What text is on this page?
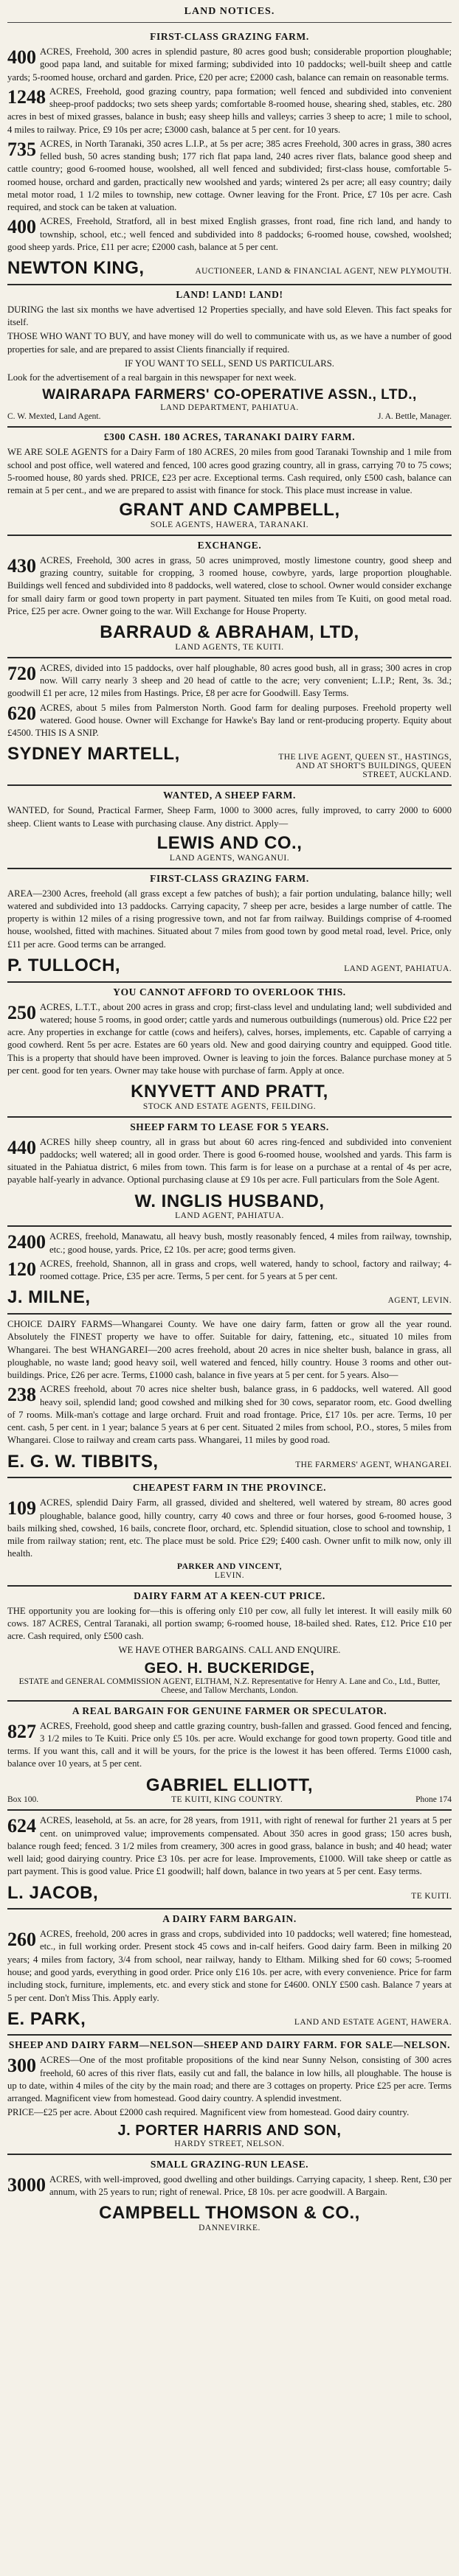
LAND NOTICES.
FIRST-CLASS GRAZING FARM.

400 ACRES, Freehold, 300 acres in splendid pasture, 80 acres good bush; considerable proportion ploughable; good papa land, and suitable for mixed farming; subdivided into 10 paddocks; well-built sheep and cattle yards; 5-roomed house, orchard and garden. Price, £20 per acre; £2000 cash, balance can remain on reasonable terms.

1248 ACRES, Freehold, good grazing country, papa formation; well fenced and subdivided into convenient sheep-proof paddocks; two sets sheep yards; comfortable 8-roomed house, shearing shed, stables, etc. 280 acres in best of mixed grasses, balance in bush; easy sheep hills and valleys; carries 3 sheep to acre; 1 mile to school, 4 miles to railway. Price, £9 10s per acre; £3000 cash, balance at 5 per cent. for 10 years.

735 ACRES, in North Taranaki, 350 acres L.I.P., at 5s per acre; 385 acres Freehold, 300 acres in grass, 380 acres felled bush, 50 acres standing bush; 177 rich flat papa land, 240 acres river flats, balance good sheep and cattle country; good 6-roomed house, woolshed, all well fenced and subdivided; first-class house, comfortable 5-roomed house, orchard and garden, practically new woolshed and yards; wintered 2s per acre; all easy country; daily metal motor road, 1 1/2 miles to township, new cottage. Owner leaving for the Front. Price, £7 10s per acre. Cash required, and stock can be taken at valuation.

400 ACRES, Freehold, Stratford, all in best mixed English grasses, front road, fine rich land, and handy to township, school, etc.; well fenced and subdivided into 8 paddocks; 6-roomed house, cowshed, woolshed; good sheep yards. Price, £11 per acre; £2000 cash, balance at 5 per cent.

NEWTON KING,	AUCTIONEER, LAND & FINANCIAL AGENT, NEW PLYMOUTH.
LAND! LAND! LAND!

DURING the last six months we have advertised 12 Properties specially, and have sold Eleven. This fact speaks for itself.

THOSE WHO WANT TO BUY, and have money will do well to communicate with us, as we have a number of good properties for sale, and are prepared to assist Clients financially if required.

IF YOU WANT TO SELL, SEND US PARTICULARS.

Look for the advertisement of a real bargain in this newspaper for next week.

WAIRARAPA FARMERS' CO-OPERATIVE ASSN., LTD.,
LAND DEPARTMENT, PAHIATUA.
C. W. Mexted, Land Agent.	J. A. Bettle, Manager.
£300 CASH. 180 ACRES, TARANAKI DAIRY FARM.

WE ARE SOLE AGENTS for a Dairy Farm of 180 ACRES, 20 miles from good Taranaki Township and 1 mile from school and post office, well watered and fenced, 100 acres good grazing country, all in grass, carrying 70 to 75 cows; 5-roomed house, 80 yards shed. PRICE, £23 per acre. Exceptional terms. Cash required, only £500 cash, balance can remain at 5 per cent., and we are prepared to assist with finance for stock. This place must increase in value.

GRANT AND CAMPBELL,
SOLE AGENTS, HAWERA, TARANAKI.
EXCHANGE.

430 ACRES, Freehold, 300 acres in grass, 50 acres unimproved, mostly limestone country, good sheep and grazing country, suitable for cropping, 3 roomed house, cowbyre, yards, large proportion ploughable. Buildings well fenced and subdivided into 8 paddocks, well watered, close to school. Owner would consider exchange for small dairy farm or good town property in part payment. Situated ten miles from Te Kuiti, on good metal road. Price, £25 per acre. Owner going to the war. Will Exchange for House Property.

BARRAUD & ABRAHAM, LTD,
LAND AGENTS, TE KUITI.

720 ACRES, divided into 15 paddocks, over half ploughable, 80 acres good bush, all in grass; 300 acres in crop now. Will carry nearly 3 sheep and 20 head of cattle to the acre; very convenient; L.I.P.; Rent, 3s. 3d.; goodwill £1 per acre, 12 miles from Hastings. Price, £8 per acre for Goodwill. Easy Terms.

620 ACRES, about 5 miles from Palmerston North. Good farm for dealing purposes. Freehold property well watered. Good house. Owner will Exchange for Hawke's Bay land or rent-producing property. Equity about £4500. THIS IS A SNIP.

SYDNEY MARTELL,	THE LIVE AGENT, QUEEN ST., HASTINGS, AND AT SHORT'S BUILDINGS, QUEEN STREET, AUCKLAND.
WANTED, A SHEEP FARM.

WANTED, for Sound, Practical Farmer, Sheep Farm, 1000 to 3000 acres, fully improved, to carry 2000 to 6000 sheep. Client wants to Lease with purchasing clause. Any district. Apply—

LEWIS AND CO.,
LAND AGENTS, WANGANUI.
FIRST-CLASS GRAZING FARM.

AREA—2300 Acres, freehold (all grass except a few patches of bush); a fair portion undulating, balance hilly; well watered and subdivided into 13 paddocks. Carrying capacity, 7 sheep per acre, besides a large number of cattle. The property is within 12 miles of a rising progressive town, and not far from railway. Buildings comprise of 4-roomed house, woolshed, fitted with machines. Situated about 7 miles from good town by good metal road, level. Price, only £11 per acre. Good terms can be arranged.

P. TULLOCH,	LAND AGENT, PAHIATUA.
YOU CANNOT AFFORD TO OVERLOOK THIS.

250 ACRES, L.T.T., about 200 acres in grass and crop; first-class level and undulating land; well subdivided and watered; house 5 rooms, in good order; cattle yards and numerous outbuildings (numerous) old. Price £22 per acre. Any properties in exchange for cattle (cows and heifers), calves, horses, implements, etc. Capable of carrying a good cowherd. Rent 5s per acre. Estates are 60 years old. New and good dairying country and equipped. Good title. This is a property that should have been improved. Owner is leaving to join the forces. Balance purchase money at 5 per cent. good for ten years. Owner may take house with purchase of farm. Apply at once.

KNYVETT AND PRATT,
STOCK AND ESTATE AGENTS, FEILDING.
SHEEP FARM TO LEASE FOR 5 YEARS.

440 ACRES hilly sheep country, all in grass but about 60 acres ring-fenced and subdivided into convenient paddocks; well watered; all in good order. There is good 6-roomed house, woolshed and yards. This farm is situated in the Pahiatua district, 6 miles from town. This farm is for lease on a purchase at a rental of 4s per acre, payable half-yearly in advance. Optional purchasing clause at £9 10s per acre. Full particulars from the Sole Agent.

W. INGLIS HUSBAND,
LAND AGENT, PAHIATUA.

2400 ACRES, freehold, Manawatu, all heavy bush, mostly reasonably fenced, 4 miles from railway, township, etc.; good house, yards. Price, £2 10s. per acre; good terms given.

120 ACRES, freehold, Shannon, all in grass and crops, well watered, handy to school, factory and railway; 4-roomed cottage. Price, £35 per acre. Terms, 5 per cent. for 5 years at 5 per cent.

J. MILNE,	AGENT, LEVIN.

CHOICE DAIRY FARMS—Whangarei County. We have one dairy farm, fatten or grow all the year round. Absolutely the FINEST property we have to offer. Suitable for dairy, fattening, etc., situated 10 miles from Whangarei. The best WHANGAREI—200 acres freehold, about 20 acres in nice shelter bush, balance in grass, all ploughable, no waste land; good heavy soil, well watered and fenced, hilly country. House 3 rooms and other out-buildings. Price, £26 per acre. Terms, £1000 cash, balance in five years at 5 per cent. for 5 years. Also—

238 ACRES freehold, about 70 acres nice shelter bush, balance grass, in 6 paddocks, well watered. All good heavy soil, splendid land; good cowshed and milking shed for 30 cows, separator room, etc. Good dwelling of 7 rooms. Milk-man's cottage and large orchard. Fruit and road frontage. Price, £17 10s. per acre. Terms, 10 per cent. cash, 5 per cent. in 1 year; balance 5 years at 6 per cent. Situated 2 miles from school, P.O., stores, 5 miles from Whangarei. Close to railway and cream carts pass. Whangarei, 11 miles by good road.

E. G. W. TIBBITS,	THE FARMERS' AGENT, WHANGAREI.
CHEAPEST FARM IN THE PROVINCE.

109 ACRES, splendid Dairy Farm, all grassed, divided and sheltered, well watered by stream, 80 acres good ploughable, balance good, hilly country, carry 40 cows and three or four horses, good 6-roomed house, 3 bails milking shed, cowshed, 16 bails, concrete floor, orchard, etc. Splendid situation, close to school and township, 1 mile from railway station; rent, etc. The place must be sold. Price £29; £400 cash. Owner unfit to milk now, only ill health.

PARKER AND VINCENT,
LEVIN.
DAIRY FARM AT A KEEN-CUT PRICE.

THE opportunity you are looking for—this is offering only £10 per cow, all fully let interest. It will easily milk 60 cows. 187 ACRES, Central Taranaki, all portion swamp; 6-roomed house, 18-bailed shed. Rates, £12. Price £10 per acre. Cash required, only £500 cash.

WE HAVE OTHER BARGAINS. CALL AND ENQUIRE.

GEO. H. BUCKERIDGE,
ESTATE and GENERAL COMMISSION AGENT, ELTHAM, N.Z. Representative for Henry A. Lane and Co., Ltd., Butter, Cheese, and Tallow Merchants, London.
A REAL BARGAIN FOR GENUINE FARMER OR SPECULATOR.

827 ACRES, Freehold, good sheep and cattle grazing country, bush-fallen and grassed. Good fenced and fencing, 3 1/2 miles to Te Kuiti. Price only £5 10s. per acre. Would exchange for good town property. Good title and terms. If you want this, call and it will be yours, for the price is the lowest it has been offered. Terms £1000 cash, balance over 10 years, at 5 per cent.

GABRIEL ELLIOTT,
Box 100.	TE KUITI, KING COUNTRY.	Phone 174

624 ACRES, leasehold, at 5s. an acre, for 28 years, from 1911, with right of renewal for further 21 years at 5 per cent. on unimproved value; improvements compensated. About 350 acres in good grass; 150 acres bush, balance rough feed; fenced. 3 1/2 miles from creamery, 300 acres in good grass, balance in bush; and 40 head; water well laid; good dairying country. Price £3 10s. per acre for lease. Improvements, £1000. Will take sheep or cattle as part payment. This is good value. Price £1 goodwill; half down, balance in two years at 5 per cent. Easy terms.

L. JACOB,	TE KUITI.
A DAIRY FARM BARGAIN.

260 ACRES, freehold, 200 acres in grass and crops, subdivided into 10 paddocks; well watered; fine homestead, etc., in full working order. Present stock 45 cows and in-calf heifers. Good dairy farm. Been in milking 20 years; 4 miles from factory, 3/4 from school, near railway, handy to Eltham. Milking shed for 60 cows; 5-roomed house; and good yards, everything in good order. Price only £16 10s. per acre, with every convenience. Price for farm including stock, furniture, implements, etc. and every stick and stone for £4600. ONLY £500 cash. Balance 7 years at 5 per cent. Don't Miss This. Apply early.

E. PARK,	LAND AND ESTATE AGENT, HAWERA.
SHEEP AND DAIRY FARM—NELSON—SHEEP AND DAIRY FARM. FOR SALE—NELSON.

300 ACRES—One of the most profitable propositions of the kind near Sunny Nelson, consisting of 300 acres freehold, 60 acres of this river flats, easily cut and fall, the balance in low hills, all ploughable. The house is up to date, within 4 miles of the city by the main road; and there are 3 cottages on property. Price £25 per acre. Terms arranged. Magnificent view from homestead. Good dairy country. A splendid investment.

PRICE—£25 per acre. About £2000 cash required. Magnificent view from homestead. Good dairy country.

J. PORTER HARRIS AND SON,
HARDY STREET, NELSON.
SMALL GRAZING-RUN LEASE.

3000 ACRES, with well-improved, good dwelling and other buildings. Carrying capacity, 1 sheep. Rent, £30 per annum, with 25 years to run; right of renewal. Price, £8 10s. per acre goodwill. A Bargain.

CAMPBELL THOMSON & CO.,
DANNEVIRKE.
